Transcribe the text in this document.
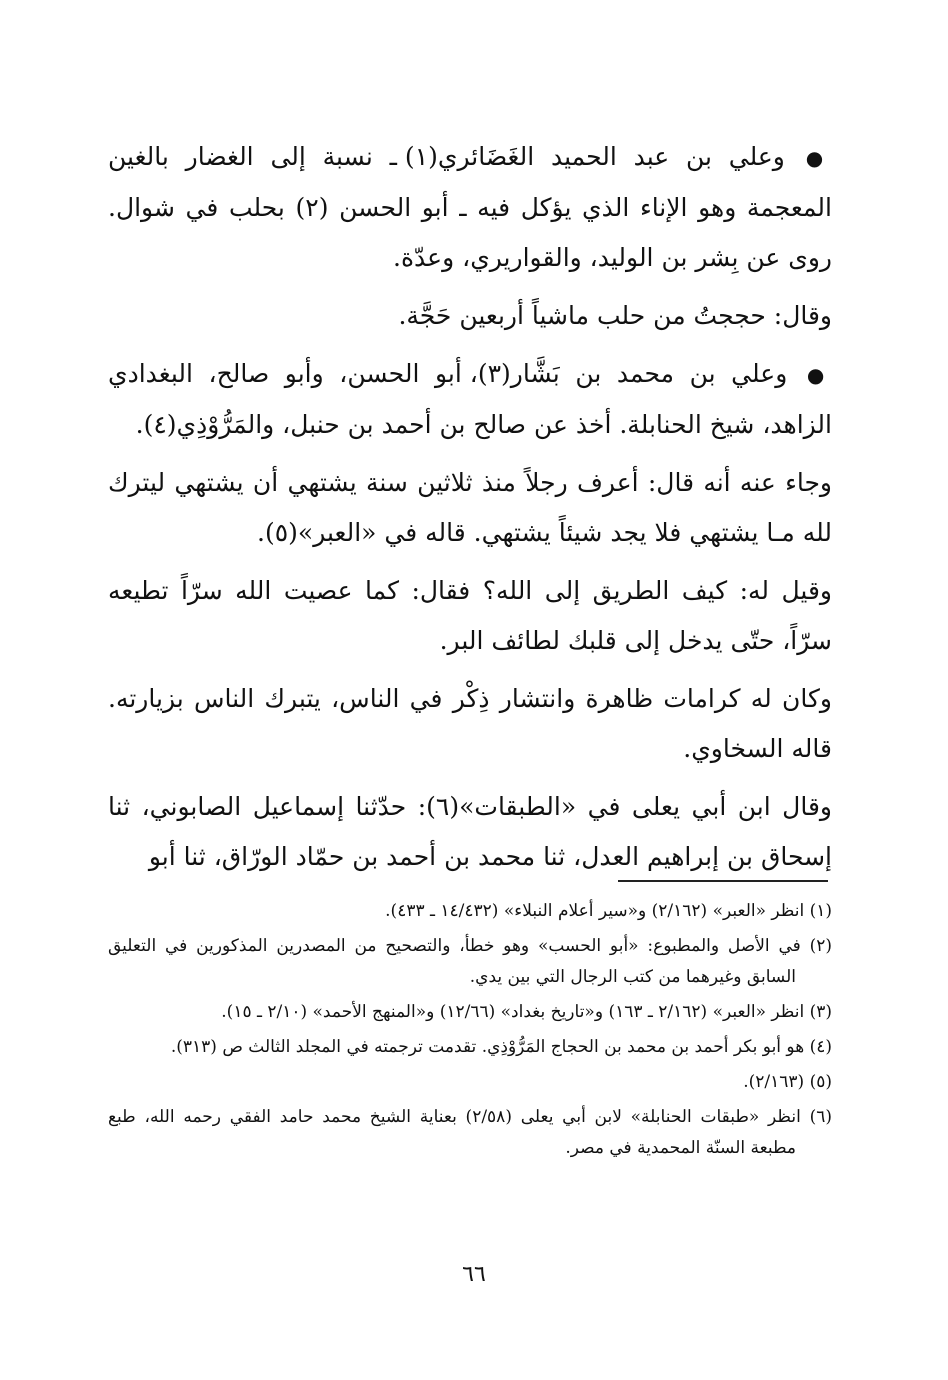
● وعلي بن عبد الحميد الغَضَائري(١) ـ نسبة إلى الغضار بالغين المعجمة وهو الإناء الذي يؤكل فيه ـ أبو الحسن (٢) بحلب في شوال. روى عن بِشر بن الوليد، والقواريري، وعدّة.

وقال: حججتُ من حلب ماشياً أربعين حَجَّة.

● وعلي بن محمد بن بَشَّار(٣)، أبو الحسن، وأبو صالح، البغدادي الزاهد، شيخ الحنابلة. أخذ عن صالح بن أحمد بن حنبل، والمَرُّوْذِي(٤).

وجاء عنه أنه قال: أعرف رجلاً منذ ثلاثين سنة يشتهي أن يشتهي ليترك لله مـا يشتهي فلا يجد شيئاً يشتهي. قاله في «العبر»(٥).

وقيل له: كيف الطريق إلى الله؟ فقال: كما عصيت الله سرّاً تطيعه سرّاً، حتّى يدخل إلى قلبك لطائف البر.

وكان له كرامات ظاهرة وانتشار ذِكْر في الناس، يتبرك الناس بزيارته. قاله السخاوي.

وقال ابن أبي يعلى في «الطبقات»(٦): حدّثنا إسماعيل الصابوني، ثنا إسحاق بن إبراهيم العدل، ثنا محمد بن أحمد بن حمّاد الورّاق، ثنا أبو

(١) انظر «العبر» (٢/١٦٢) و«سير أعلام النبلاء» (١٤/٤٣٢ ـ ٤٣٣).

(٢) في الأصل والمطبوع: «أبو الحسب» وهو خطأ، والتصحيح من المصدرين المذكورين في التعليق السابق وغيرهما من كتب الرجال التي بين يدي.

(٣) انظر «العبر» (٢/١٦٢ ـ ١٦٣) و«تاريخ بغداد» (١٢/٦٦) و«المنهج الأحمد» (٢/١٠ ـ ١٥).

(٤) هو أبو بكر أحمد بن محمد بن الحجاج المَرُّوْذِي. تقدمت ترجمته في المجلد الثالث ص (٣١٣).

(٥) (٢/١٦٣).

(٦) انظر «طبقات الحنابلة» لابن أبي يعلى (٢/٥٨) بعناية الشيخ محمد حامد الفقي رحمه الله، طبع مطبعة السنّة المحمدية في مصر.

٦٦
